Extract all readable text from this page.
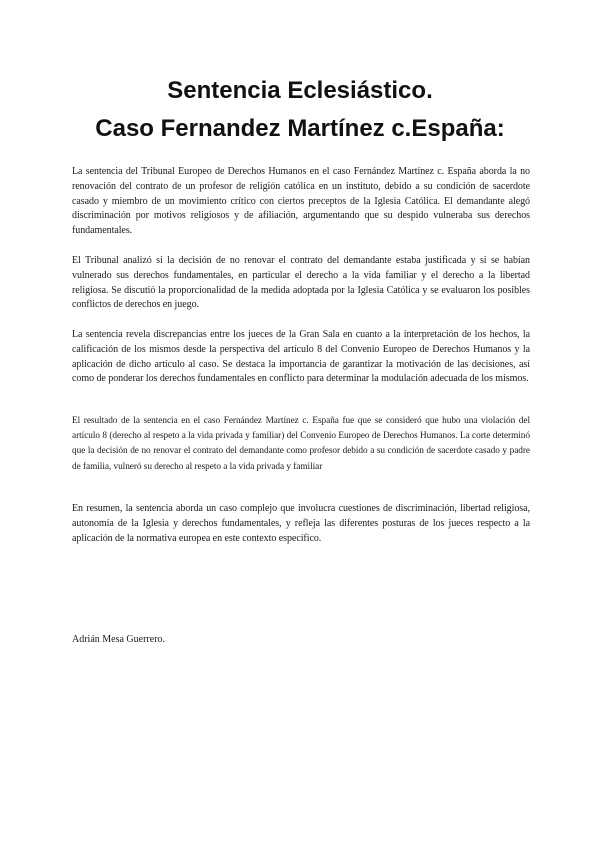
Sentencia Eclesiástico.
Caso Fernandez Martínez c.España:

La sentencia del Tribunal Europeo de Derechos Humanos en el caso Fernández Martínez c. España aborda la no renovación del contrato de un profesor de religión católica en un instituto, debido a su condición de sacerdote casado y miembro de un movimiento crítico con ciertos preceptos de la Iglesia Católica. El demandante alegó discriminación por motivos religiosos y de afiliación, argumentando que su despido vulneraba sus derechos fundamentales.

El Tribunal analizó si la decisión de no renovar el contrato del demandante estaba justificada y si se habían vulnerado sus derechos fundamentales, en particular el derecho a la vida familiar y el derecho a la libertad religiosa. Se discutió la proporcionalidad de la medida adoptada por la Iglesia Católica y se evaluaron los posibles conflictos de derechos en juego.

La sentencia revela discrepancias entre los jueces de la Gran Sala en cuanto a la interpretación de los hechos, la calificación de los mismos desde la perspectiva del artículo 8 del Convenio Europeo de Derechos Humanos y la aplicación de dicho artículo al caso. Se destaca la importancia de garantizar la motivación de las decisiones, así como de ponderar los derechos fundamentales en conflicto para determinar la modulación adecuada de los mismos.

El resultado de la sentencia en el caso Fernández Martínez c. España fue que se consideró que hubo una violación del artículo 8 (derecho al respeto a la vida privada y familiar) del Convenio Europeo de Derechos Humanos. La corte determinó que la decisión de no renovar el contrato del demandante como profesor debido a su condición de sacerdote casado y padre de familia, vulneró su derecho al respeto a la vida privada y familiar

En resumen, la sentencia aborda un caso complejo que involucra cuestiones de discriminación, libertad religiosa, autonomía de la Iglesia y derechos fundamentales, y refleja las diferentes posturas de los jueces respecto a la aplicación de la normativa europea en este contexto específico.

Adrián Mesa Guerrero.
